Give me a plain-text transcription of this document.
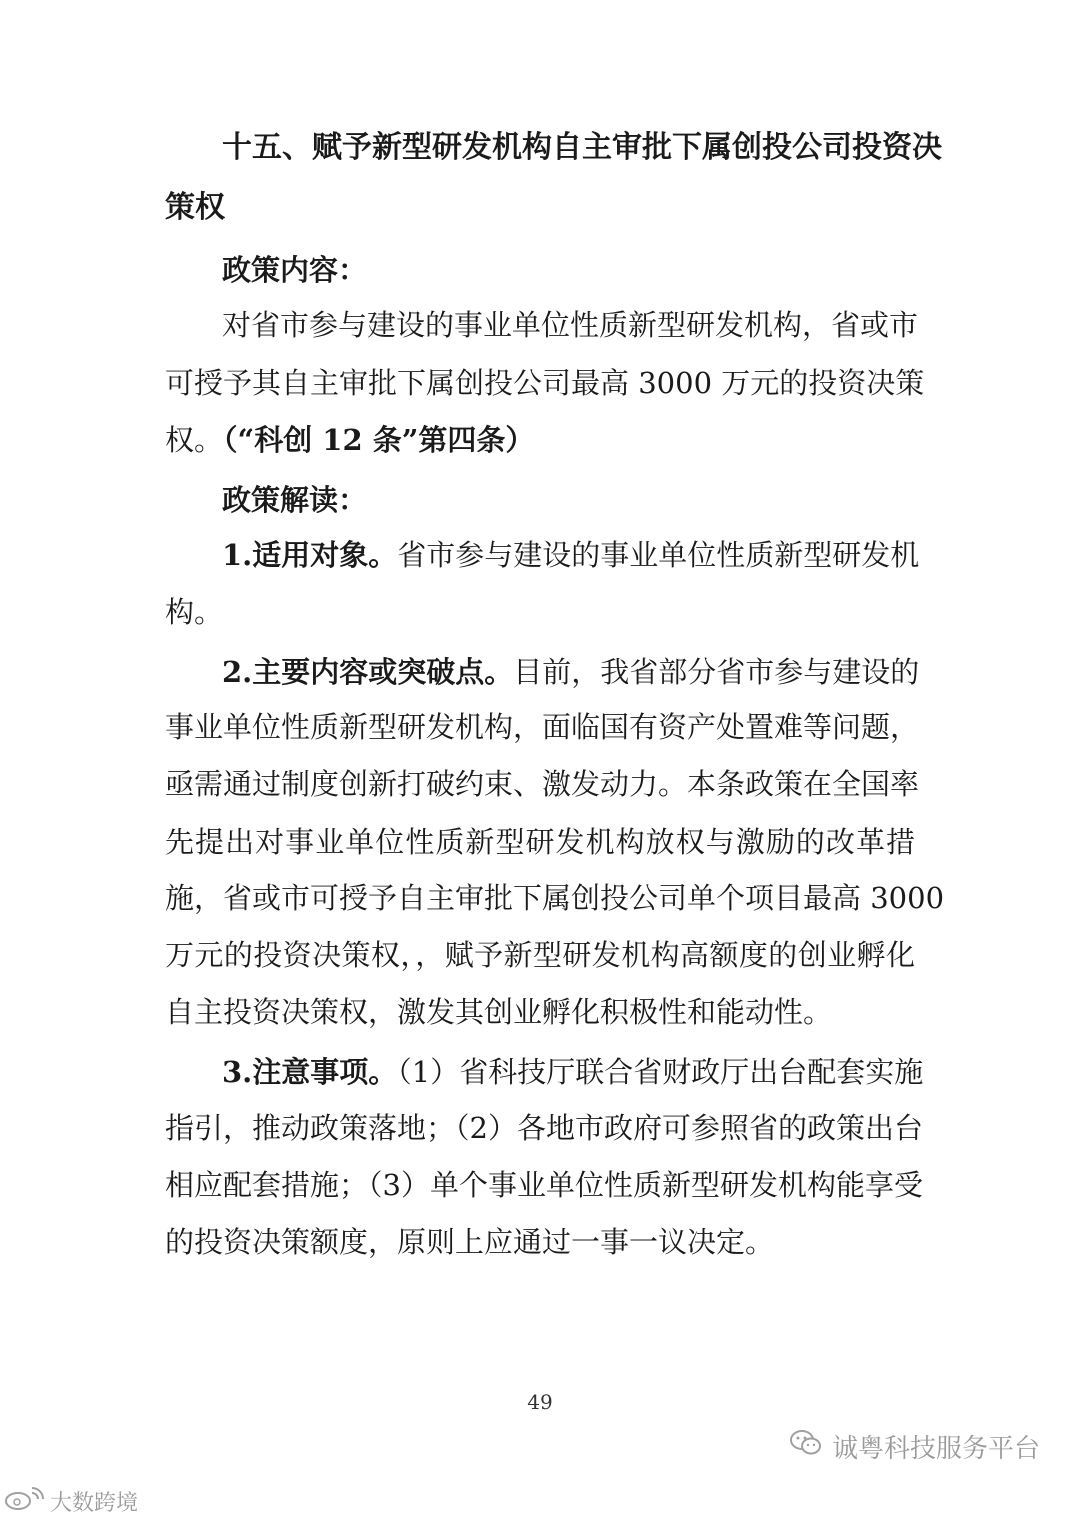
十五、赋予新型研发机构自主审批下属创投公司投资决
策权
政策内容：
对省市参与建设的事业单位性质新型研发机构，省或市
可授予其自主审批下属创投公司最高 3000 万元的投资决策
权。（“科创 12 条”第四条）
政策解读：
1.适用对象。省市参与建设的事业单位性质新型研发机
构。
2.主要内容或突破点。目前，我省部分省市参与建设的
事业单位性质新型研发机构，面临国有资产处置难等问题，
亟需通过制度创新打破约束、激发动力。本条政策在全国率
先提出对事业单位性质新型研发机构放权与激励的改革措
施，省或市可授予自主审批下属创投公司单个项目最高 3000
万元的投资决策权，，赋予新型研发机构高额度的创业孵化
自主投资决策权，激发其创业孵化积极性和能动性。
3.注意事项。（1）省科技厅联合省财政厅出台配套实施
指引，推动政策落地；（2）各地市政府可参照省的政策出台
相应配套措施；（3）单个事业单位性质新型研发机构能享受
的投资决策额度，原则上应通过一事一议决定。
49
诚粤科技服务平台
大数跨境
